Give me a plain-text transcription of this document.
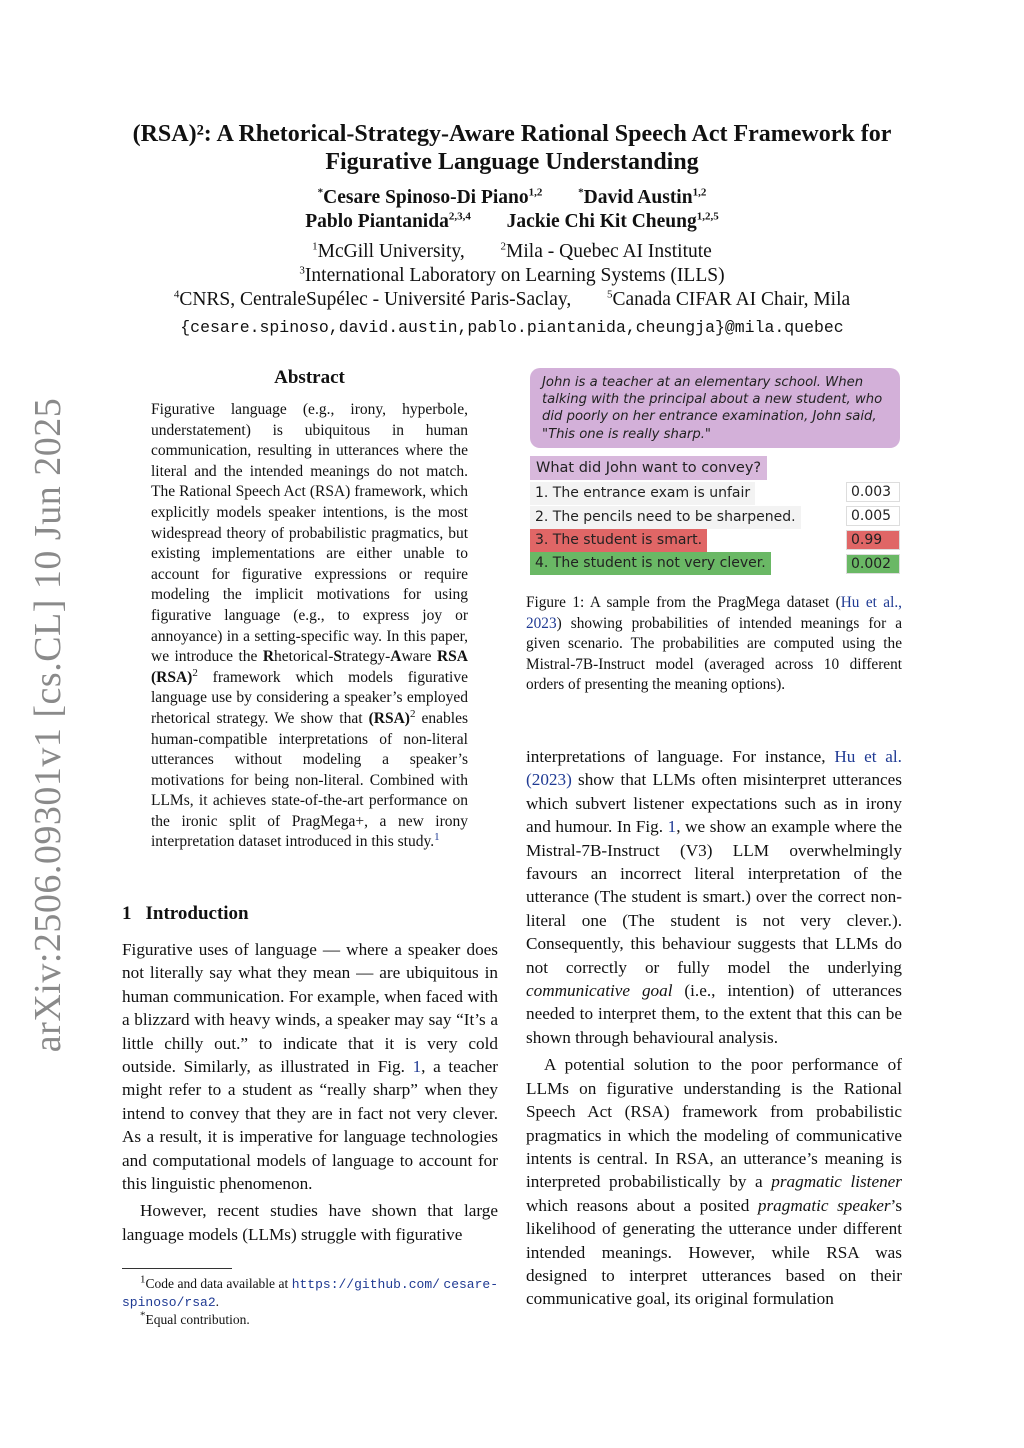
arXiv:2506.09301v1 [cs.CL] 10 Jun 2025
(RSA)²: A Rhetorical-Strategy-Aware Rational Speech Act Framework for
Figurative Language Understanding
*Cesare Spinoso-Di Piano$^{1,2}$	*David Austin$^{1,2}$
Pablo Piantanida$^{2,3,4}$ Jackie Chi Kit Cheung$^{1,2,5}$
$^1$McGill University,	$^2$Mila - Quebec AI Institute
$^3$International Laboratory on Learning Systems (ILLS)
$^4$CNRS, CentraleSupélec - Université Paris-Saclay,	$^5$Canada CIFAR AI Chair, Mila
{cesare.spinoso,david.austin,pablo.piantanida,cheungja}@mila.quebec
Abstract
Figurative language (e.g., irony, hyperbole, understatement) is ubiquitous in human communication, resulting in utterances where the literal and the intended meanings do not match. The Rational Speech Act (RSA) framework, which explicitly models speaker intentions, is the most widespread theory of probabilistic pragmatics, but existing implementations are either unable to account for figurative expressions or require modeling the implicit motivations for using figurative language (e.g., to express joy or annoyance) in a setting-specific way. In this paper, we introduce the Rhetorical-Strategy-Aware RSA (RSA)$^2$ framework which models figurative language use by considering a speaker’s employed rhetorical strategy. We show that (RSA)$^2$ enables human-compatible interpretations of non-literal utterances without modeling a speaker’s motivations for being non-literal. Combined with LLMs, it achieves state-of-the-art performance on the ironic split of PragMega+, a new irony interpretation dataset introduced in this study.$^1$
1 Introduction

Figurative uses of language — where a speaker does not literally say what they mean — are ubiquitous in human communication. For example, when faced with a blizzard with heavy winds, a speaker may say “It’s a little chilly out.” to indicate that it is very cold outside. Similarly, as illustrated in Fig. 1, a teacher might refer to a student as “really sharp” when they intend to convey that they are in fact not very clever. As a result, it is imperative for language technologies and computational models of language to account for this linguistic phenomenon.

However, recent studies have shown that large language models (LLMs) struggle with figurative

$^1$Code and data available at https://github.com/ cesare-spinoso/rsa2.
*Equal contribution.
John is a teacher at an elementary school. When talking with the principal about a new student, who did poorly on her entrance examination, John said, "This one is really sharp."
What did John want to convey?
1. The entrance exam is unfair	0.003
2. The pencils need to be sharpened.	0.005
3. The student is smart.	0.99
4. The student is not very clever.	0.002
Figure 1: A sample from the PragMega dataset (Hu et al., 2023) showing probabilities of intended meanings for a given scenario. The probabilities are computed using the Mistral-7B-Instruct model (averaged across 10 different orders of presenting the meaning options).

interpretations of language. For instance, Hu et al. (2023) show that LLMs often misinterpret utterances which subvert listener expectations such as in irony and humour. In Fig. 1, we show an example where the Mistral-7B-Instruct (V3) LLM overwhelmingly favours an incorrect literal interpretation of the utterance (The student is smart.) over the correct non-literal one (The student is not very clever.). Consequently, this behaviour suggests that LLMs do not correctly or fully model the underlying communicative goal (i.e., intention) of utterances needed to interpret them, to the extent that this can be shown through behavioural analysis.

A potential solution to the poor performance of LLMs on figurative understanding is the Rational Speech Act (RSA) framework from probabilistic pragmatics in which the modeling of communicative intents is central. In RSA, an utterance’s meaning is interpreted probabilistically by a pragmatic listener which reasons about a posited pragmatic speaker’s likelihood of generating the utterance under different intended meanings. However, while RSA was designed to interpret utterances based on their communicative goal, its original formulation
